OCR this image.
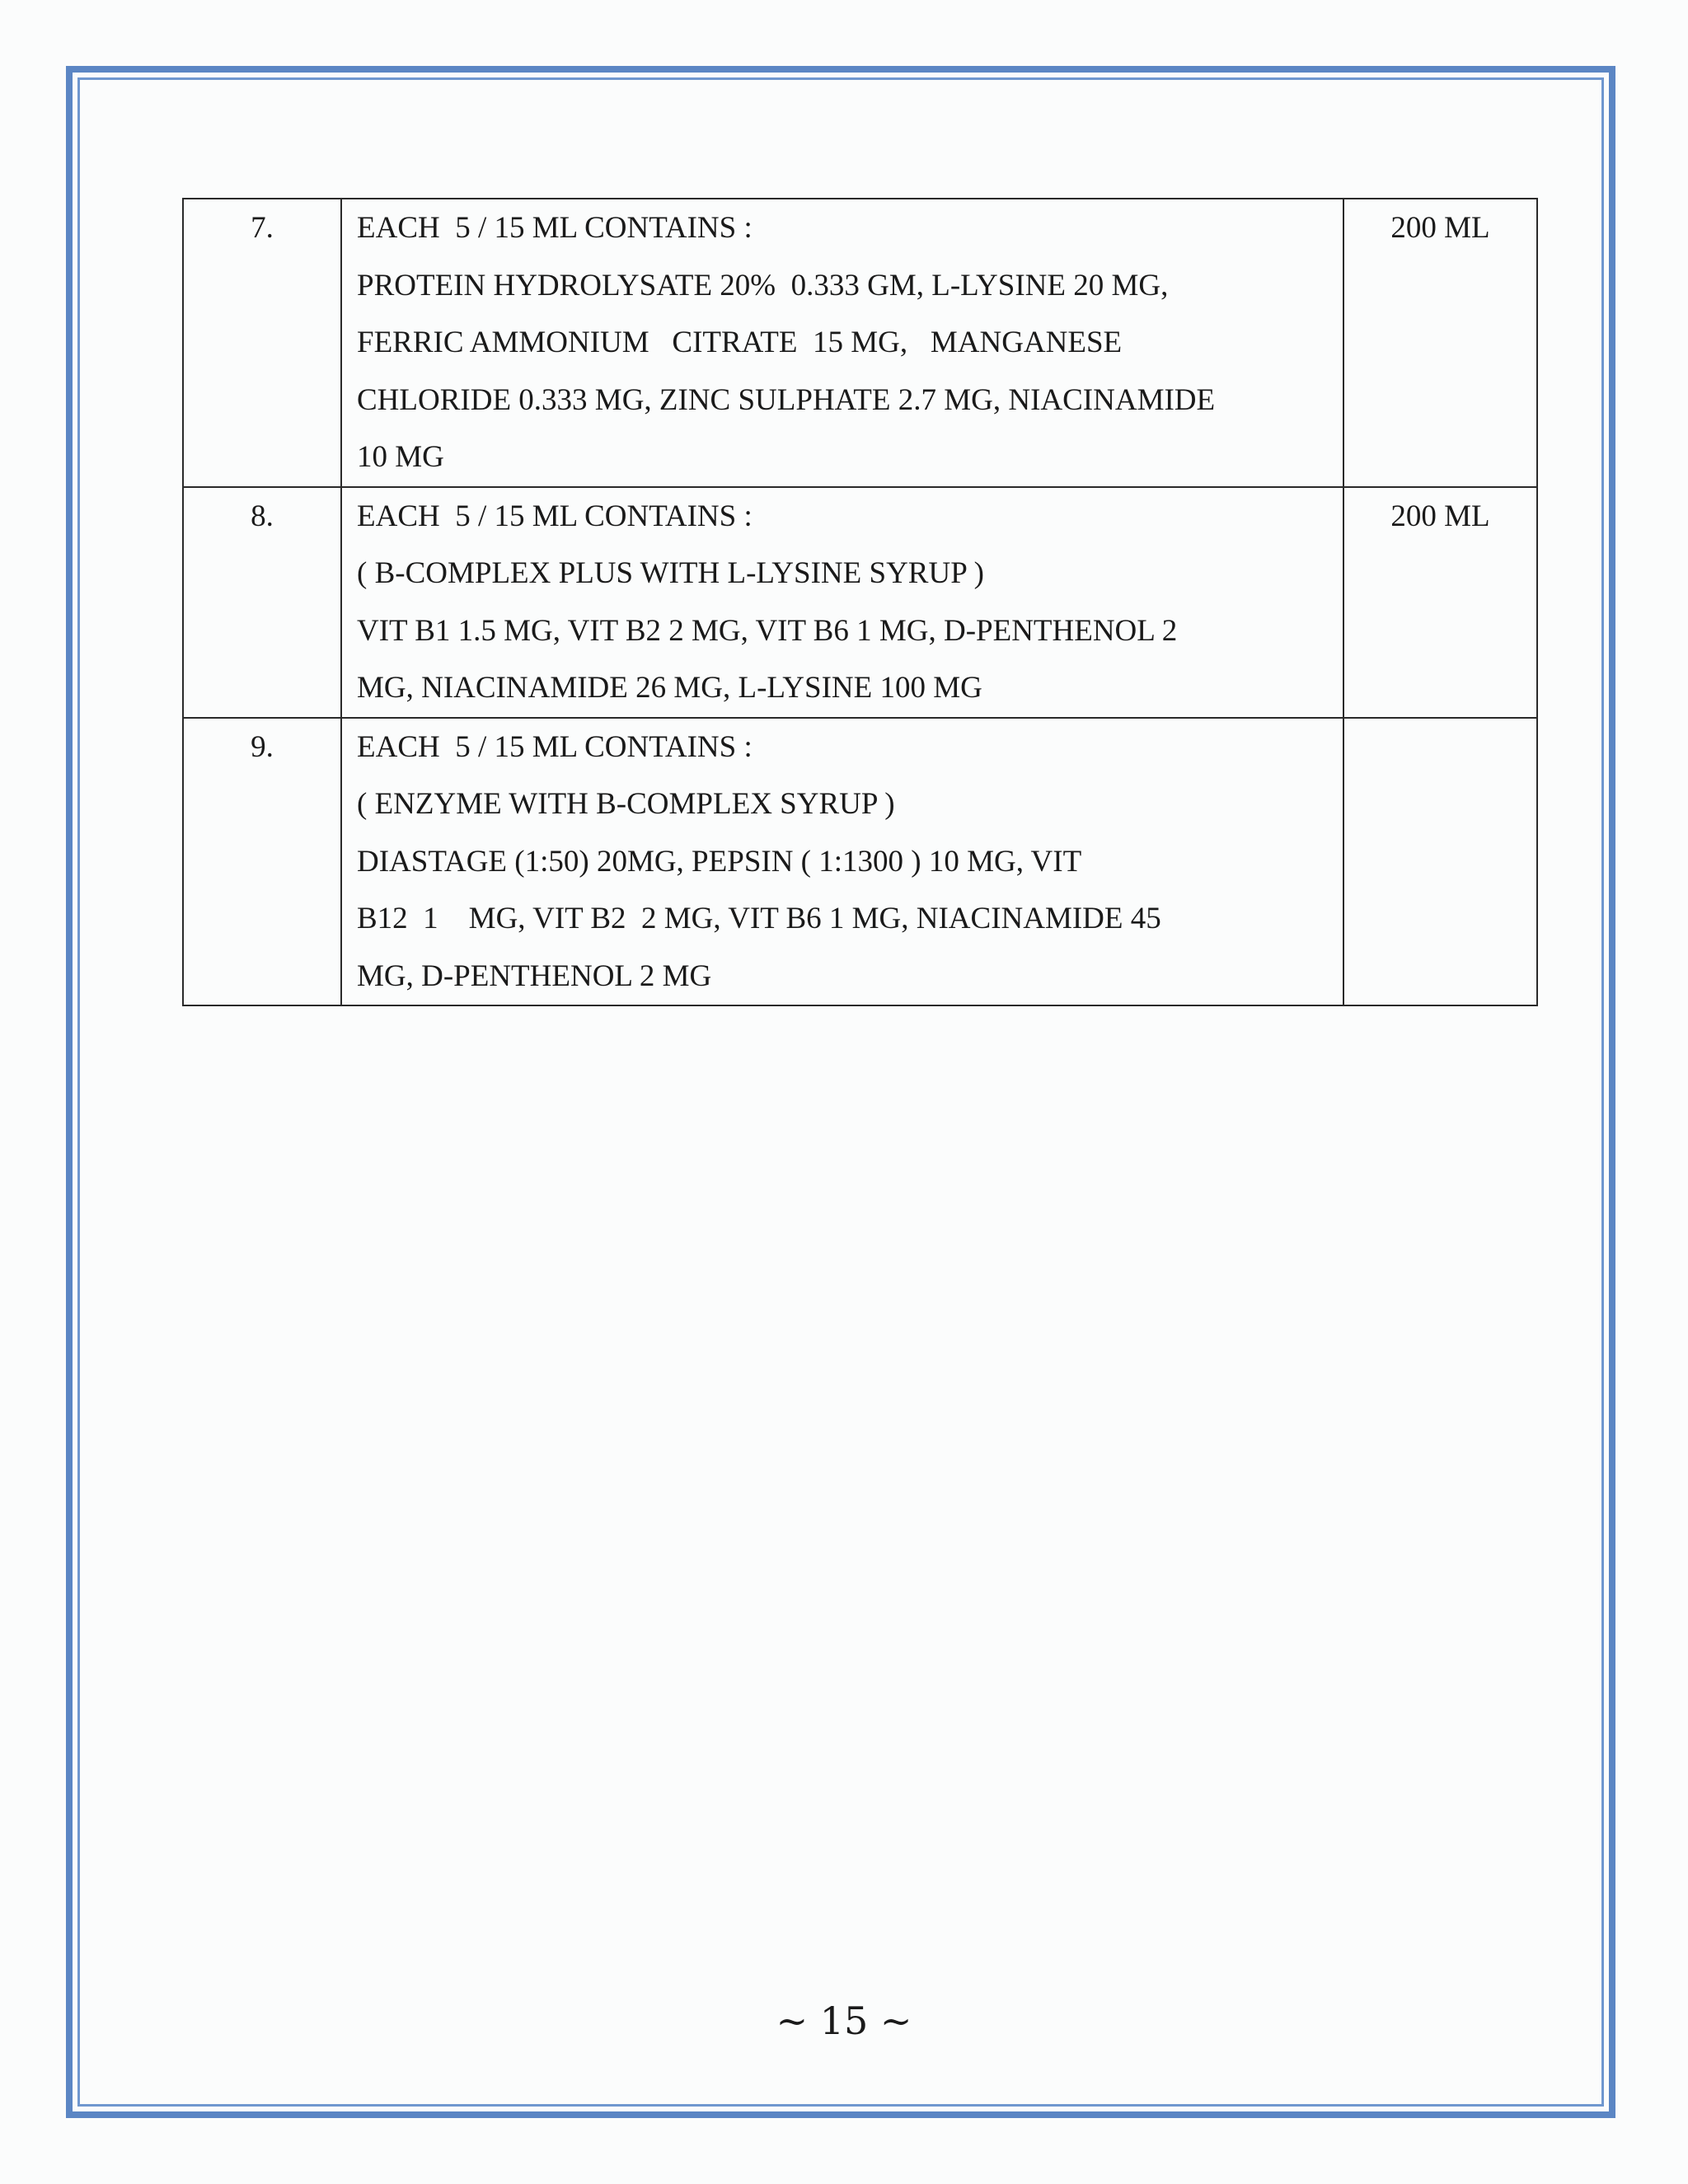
7.	EACH  5 / 15 ML CONTAINS :
PROTEIN HYDROLYSATE 20%  0.333 GM, L-LYSINE 20 MG,
FERRIC AMMONIUM   CITRATE  15 MG,   MANGANESE
CHLORIDE 0.333 MG, ZINC SULPHATE 2.7 MG, NIACINAMIDE
10 MG	200 ML
8.	EACH  5 / 15 ML CONTAINS :
( B-COMPLEX PLUS WITH L-LYSINE SYRUP )
VIT B1 1.5 MG, VIT B2 2 MG, VIT B6 1 MG, D-PENTHENOL 2
MG, NIACINAMIDE 26 MG, L-LYSINE 100 MG	200 ML
9.	EACH  5 / 15 ML CONTAINS :
( ENZYME WITH B-COMPLEX SYRUP )
DIASTAGE (1:50) 20MG, PEPSIN ( 1:1300 ) 10 MG, VIT
B12  1    MG, VIT B2  2 MG, VIT B6 1 MG, NIACINAMIDE 45
MG, D-PENTHENOL 2 MG	

~ 15 ~
